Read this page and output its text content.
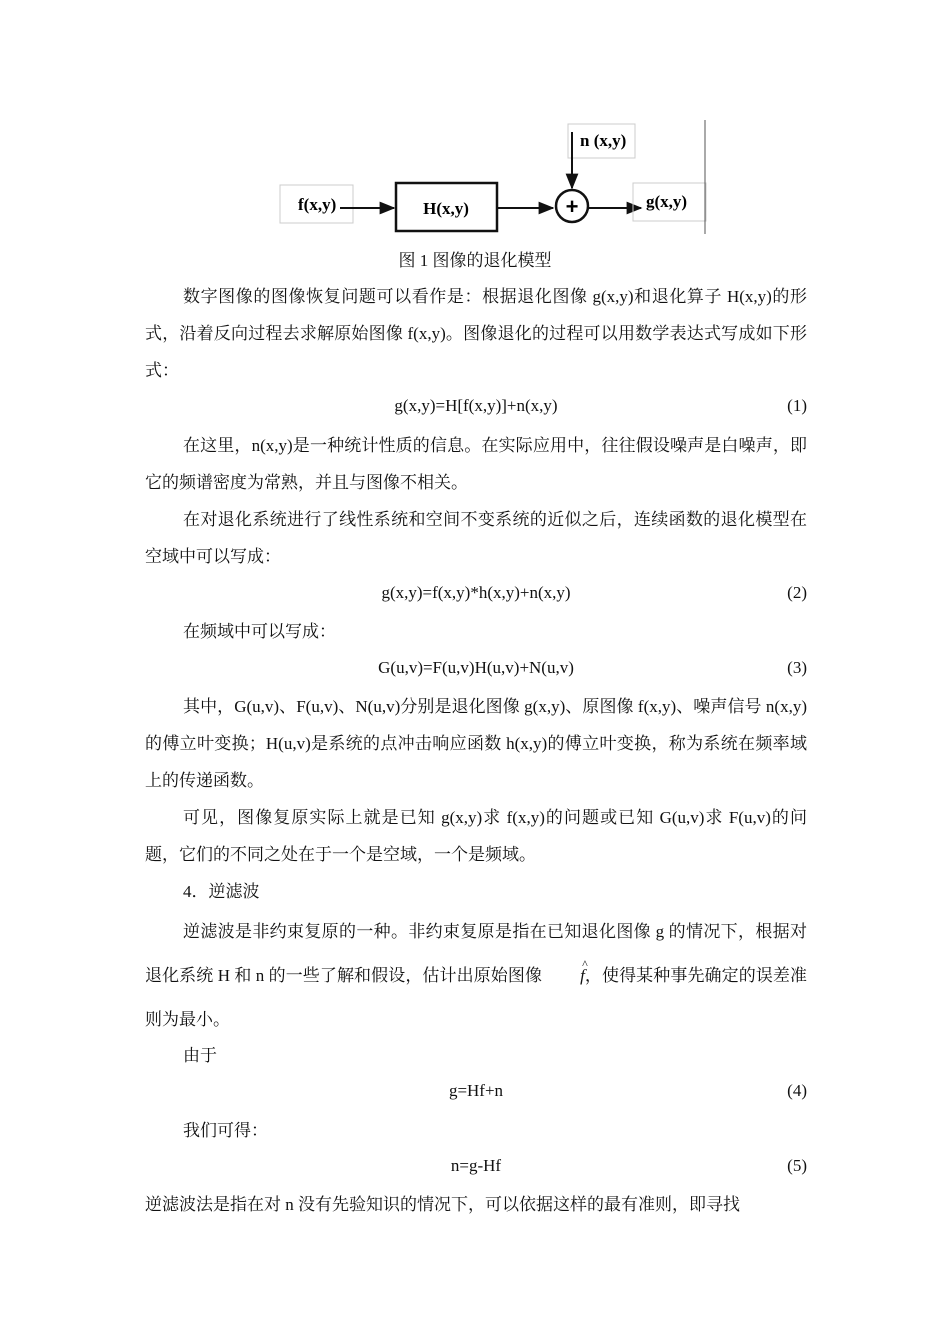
f(x,y)	H(x,y)	+
n (x,y)
g(x,y)
图 1 图像的退化模型
数字图像的图像恢复问题可以看作是：根据退化图像 g(x,y)和退化算子 H(x,y)的形式，沿着反向过程去求解原始图像 f(x,y)。图像退化的过程可以用数学表达式写成如下形式：
g(x,y)=H[f(x,y)]+n(x,y)	(1)
在这里，n(x,y)是一种统计性质的信息。在实际应用中，往往假设噪声是白噪声，即它的频谱密度为常熟，并且与图像不相关。
在对退化系统进行了线性系统和空间不变系统的近似之后，连续函数的退化模型在空域中可以写成：
g(x,y)=f(x,y)*h(x,y)+n(x,y)	(2)
在频域中可以写成：
G(u,v)=F(u,v)H(u,v)+N(u,v)	(3)
其中，G(u,v)、F(u,v)、N(u,v)分别是退化图像 g(x,y)、原图像 f(x,y)、噪声信号 n(x,y)的傅立叶变换；H(u,v)是系统的点冲击响应函数 h(x,y)的傅立叶变换，称为系统在频率域上的传递函数。
可见，图像复原实际上就是已知 g(x,y)求 f(x,y)的问题或已知 G(u,v)求 F(u,v)的问题，它们的不同之处在于一个是空域，一个是频域。
4．逆滤波
逆滤波是非约束复原的一种。非约束复原是指在已知退化图像 g 的情况下，根据对退化系统 H 和 n 的一些了解和假设，估计出原始图像^ f，使得某种事先确定的误差准则为最小。
由于
g=Hf+n	(4)
我们可得：
n=g-Hf	(5)
逆滤波法是指在对 n 没有先验知识的情况下，可以依据这样的最有准则，即寻找
